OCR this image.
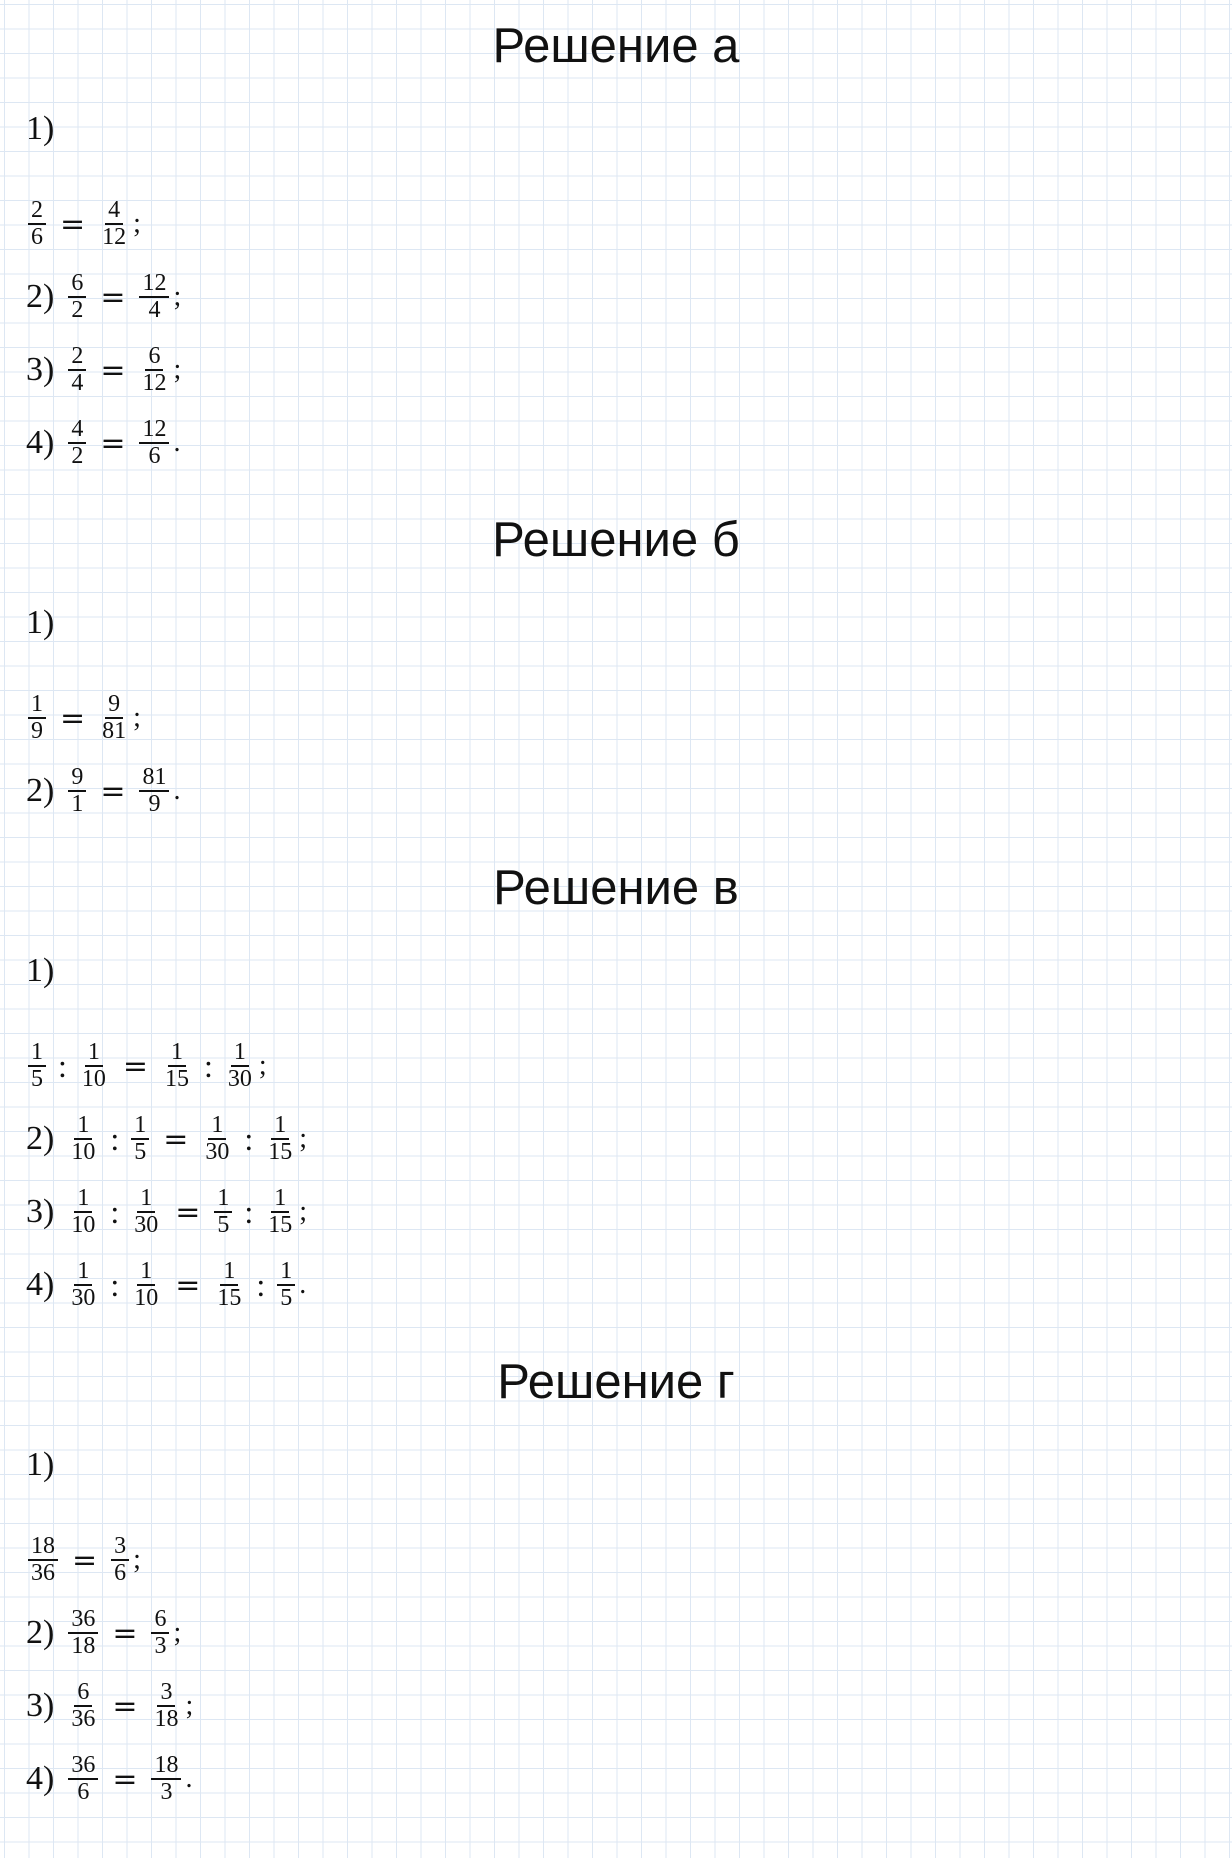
Решение а
1)
$\frac{2}{6} = \frac{4}{12}$ ;
$2) \frac{6}{2} = \frac{12}{4}$ ;
$3) \frac{2}{4} = \frac{6}{12}$ ;
$4) \frac{4}{2} = \frac{12}{6}$ .
Решение б
1)
$\frac{1}{9} = \frac{9}{81}$ ;
$2) \frac{9}{1} = \frac{81}{9}$ .
Решение в
1)
$\frac{1}{5}$ : $\frac{1}{10} = \frac{1}{15}$ : $\frac{1}{30}$ ;
$2) \frac{1}{10}$ : $\frac{1}{5} = \frac{1}{30}$ : $\frac{1}{15}$ ;
$3) \frac{1}{10}$ : $\frac{1}{30} = \frac{1}{5}$ : $\frac{1}{15}$ ;
$4) \frac{1}{30}$ : $\frac{1}{10} = \frac{1}{15}$ : $\frac{1}{5}$ .
Решение г
1)
$\frac{18}{36} = \frac{3}{6}$ ;
$2) \frac{36}{18} = \frac{6}{3}$ ;
$3) \frac{6}{36} = \frac{3}{18}$ ;
$4) \frac{36}{6} = \frac{18}{3}$ .
